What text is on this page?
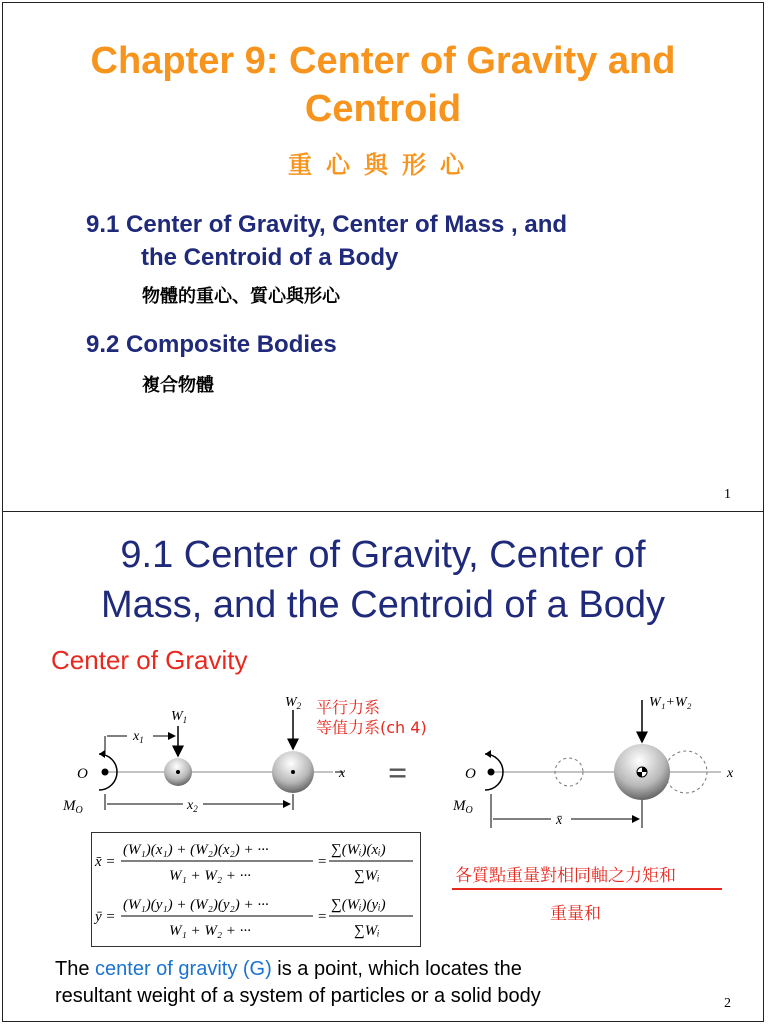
Chapter 9: Center of Gravity and
Centroid
重心與形心
9.1 Center of Gravity, Center of Mass , and
the Centroid of a Body
物體的重心、質心與形心
9.2 Composite Bodies
複合物體
1
9.1 Center of Gravity, Center of
Mass, and the Centroid of a Body
Center of Gravity
平行力系
等值力系(ch 4)
O
$M_O$
$W_1$
$W_2$
x
$x_1$
$x_2$
=	O
$M_O$
W₁+W₂
x
x̄
x̄ =
(W₁)(x₁) + (W₂)(x₂) + ···
W₁ + W₂ + ···
=
∑(Wᵢ)(xᵢ)
∑Wᵢ
ȳ =
(W₁)(y₁) + (W₂)(y₂) + ···
W₁ + W₂ + ···
=
∑(Wᵢ)(yᵢ)
∑Wᵢ
各質點重量對相同軸之力矩和
重量和
The center of gravity (G) is a point, which locates the
resultant weight of a system of particles or a solid body	2
